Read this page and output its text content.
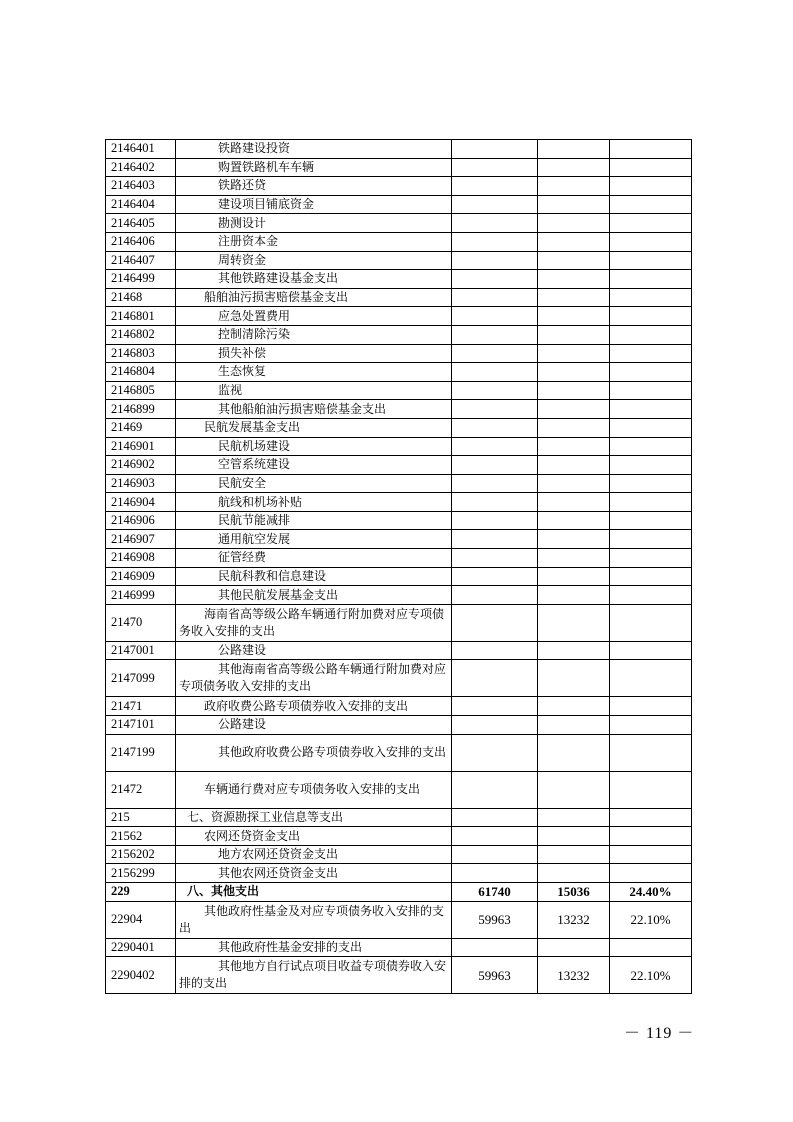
2146401	铁路建设投资			
2146402	购置铁路机车车辆			
2146403	铁路还贷			
2146404	建设项目铺底资金			
2146405	勘测设计			
2146406	注册资本金			
2146407	周转资金			
2146499	其他铁路建设基金支出			
21468	船舶油污损害赔偿基金支出			
2146801	应急处置费用			
2146802	控制清除污染			
2146803	损失补偿			
2146804	生态恢复			
2146805	监视			
2146899	其他船舶油污损害赔偿基金支出			
21469	民航发展基金支出			
2146901	民航机场建设			
2146902	空管系统建设			
2146903	民航安全			
2146904	航线和机场补贴			
2146906	民航节能减排			
2146907	通用航空发展			
2146908	征管经费			
2146909	民航科教和信息建设			
2146999	其他民航发展基金支出			
21470	海南省高等级公路车辆通行附加费对应专项债务收入安排的支出			
2147001	公路建设			
2147099	其他海南省高等级公路车辆通行附加费对应专项债务收入安排的支出			
21471	政府收费公路专项债券收入安排的支出			
2147101	公路建设			
2147199	其他政府收费公路专项债券收入安排的支出			
21472	车辆通行费对应专项债务收入安排的支出			
215	七、资源勘探工业信息等支出			
21562	农网还贷资金支出			
2156202	地方农网还贷资金支出			
2156299	其他农网还贷资金支出			
229	八、其他支出	61740	15036	24.40%
22904	其他政府性基金及对应专项债务收入安排的支出	59963	13232	22.10%
2290401	其他政府性基金安排的支出			
2290402	其他地方自行试点项目收益专项债券收入安排的支出	59963	13232	22.10%
－ 119 －
